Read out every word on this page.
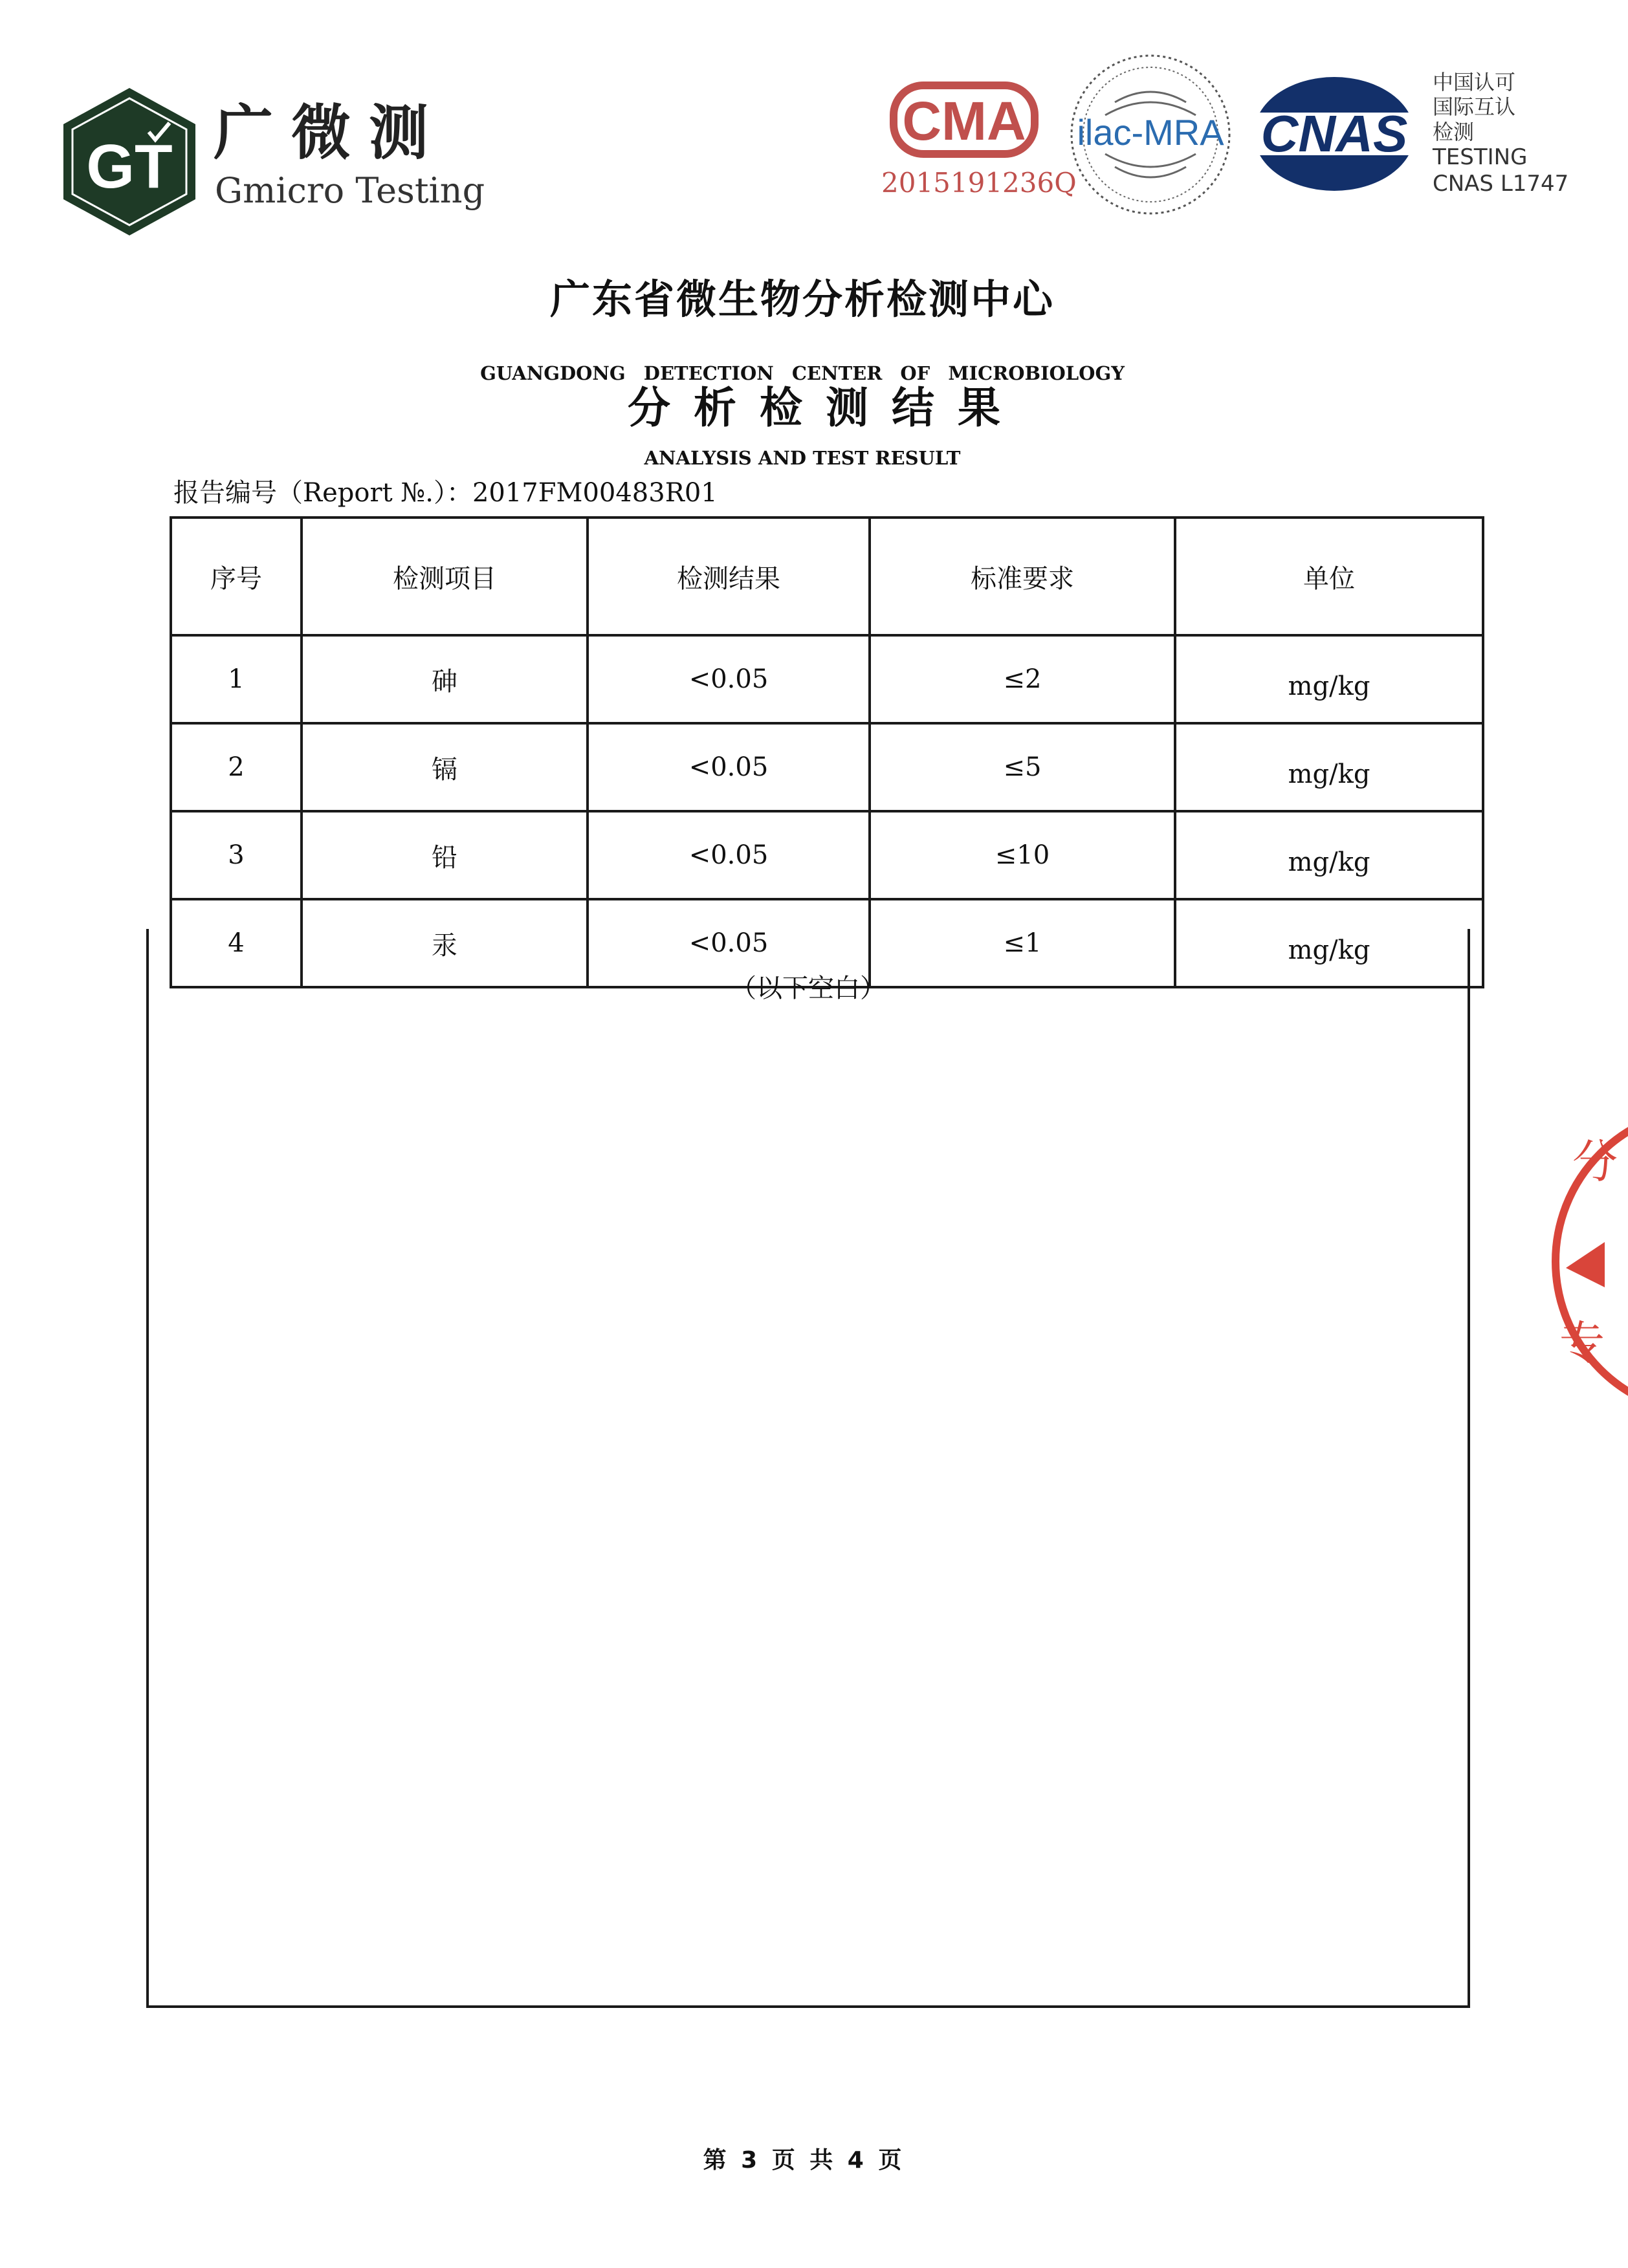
GT 广微测
Gmicro Testing
CMA
2015191236Q
ilac-MRA CNAS
中国认可
国际互认
检测
TESTING
CNAS L1747
广东省微生物分析检测中心
GUANGDONG DETECTION CENTER OF MICROBIOLOGY
分析检测结果
ANALYSIS AND TEST RESULT
报告编号（Report №.）：2017FM00483R01
序号	检测项目	检测结果	标准要求	单位
1	砷	<0.05	≤2	mg/kg
2	镉	<0.05	≤5	mg/kg
3	铅	<0.05	≤10	mg/kg
4	汞	<0.05	≤1	mg/kg
（以下空白）
第 3 页 共 4 页
分
专
